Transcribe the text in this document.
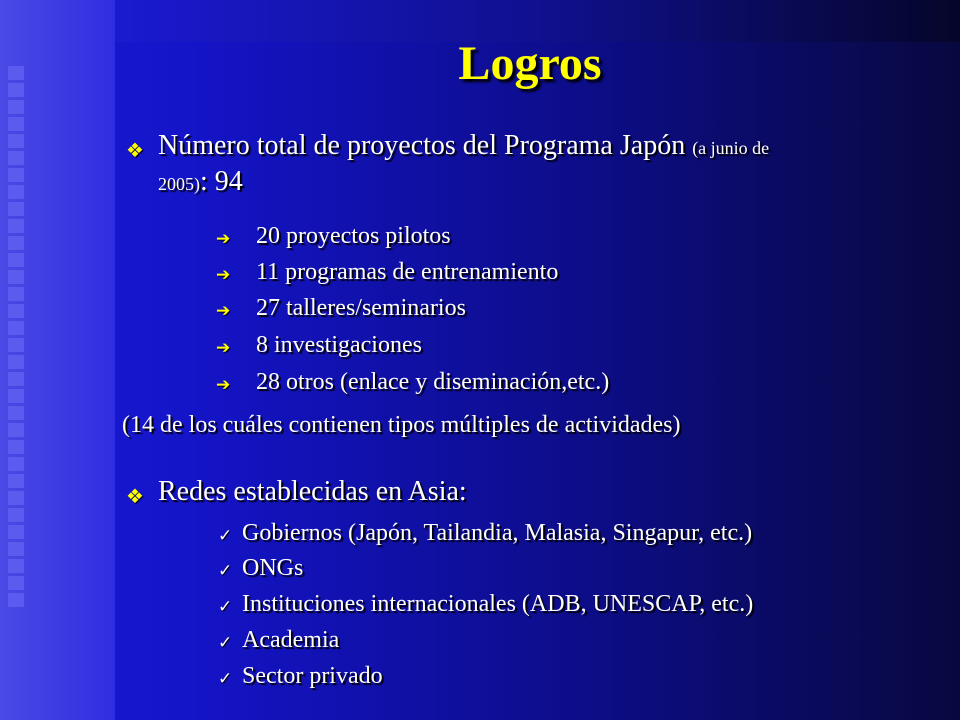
Logros
❖ Número total de proyectos del Programa Japón (a junio de
2005): 94
➔ 20 proyectos pilotos
➔ 11 programas de entrenamiento
➔ 27 talleres/seminarios
➔ 8 investigaciones
➔ 28 otros (enlace y diseminación,etc.)
(14 de los cuáles contienen tipos múltiples de actividades)
❖ Redes establecidas en Asia:
✓ Gobiernos (Japón, Tailandia, Malasia, Singapur, etc.)
✓ ONGs
✓ Instituciones internacionales (ADB, UNESCAP, etc.)
✓ Academia
✓ Sector privado
